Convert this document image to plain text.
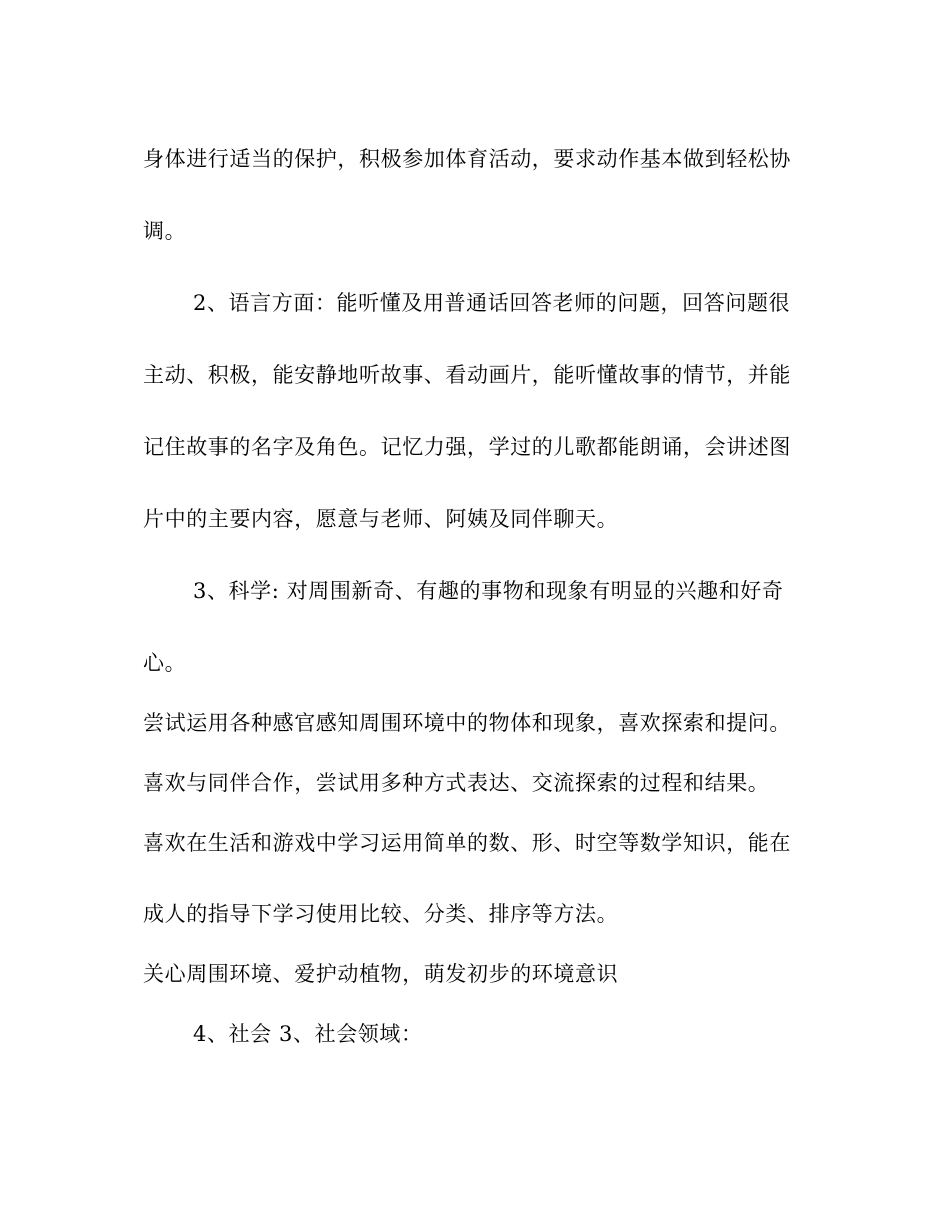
身体进行适当的保护，积极参加体育活动，要求动作基本做到轻松协
调。
2、语言方面：能听懂及用普通话回答老师的问题，回答问题很
主动、积极，能安静地听故事、看动画片，能听懂故事的情节，并能
记住故事的名字及角色。记忆力强，学过的儿歌都能朗诵，会讲述图
片中的主要内容，愿意与老师、阿姨及同伴聊天。
3、科学: 对周围新奇、有趣的事物和现象有明显的兴趣和好奇
心。
尝试运用各种感官感知周围环境中的物体和现象，喜欢探索和提问。
喜欢与同伴合作，尝试用多种方式表达、交流探索的过程和结果。
喜欢在生活和游戏中学习运用简单的数、形、时空等数学知识，能在
成人的指导下学习使用比较、分类、排序等方法。
关心周围环境、爱护动植物，萌发初步的环境意识
4、社会 3、社会领域：
